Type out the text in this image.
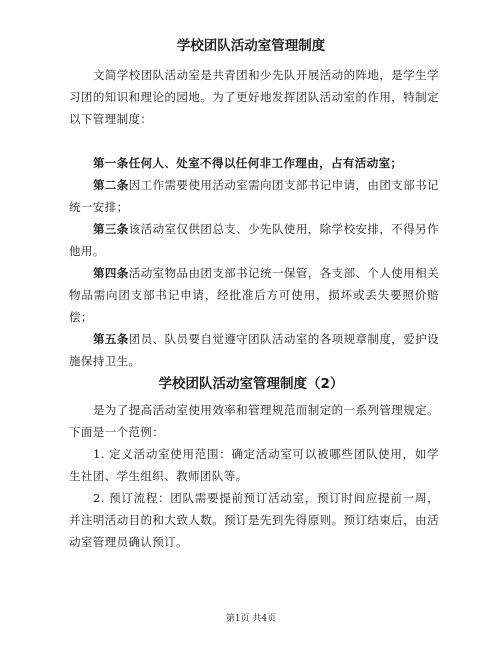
学校团队活动室管理制度

文简学校团队活动室是共青团和少先队开展活动的阵地，是学生学习团的知识和理论的园地。为了更好地发挥团队活动室的作用，特制定以下管理制度：

第一条任何人、处室不得以任何非工作理由，占有活动室；

第二条因工作需要使用活动室需向团支部书记申请，由团支部书记统一安排；

第三条该活动室仅供团总支、少先队使用，除学校安排，不得另作他用。

第四条活动室物品由团支部书记统一保管，各支部、个人使用相关物品需向团支部书记申请，经批准后方可使用，损坏或丢失要照价赔偿；

第五条团员、队员要自觉遵守团队活动室的各项规章制度，爱护设施保持卫生。

学校团队活动室管理制度（2）

是为了提高活动室使用效率和管理规范而制定的一系列管理规定。下面是一个范例：

1. 定义活动室使用范围：确定活动室可以被哪些团队使用，如学生社团、学生组织、教师团队等。

2. 预订流程：团队需要提前预订活动室，预订时间应提前一周，并注明活动目的和大致人数。预订是先到先得原则。预订结束后，由活动室管理员确认预订。

第1页 共4页
